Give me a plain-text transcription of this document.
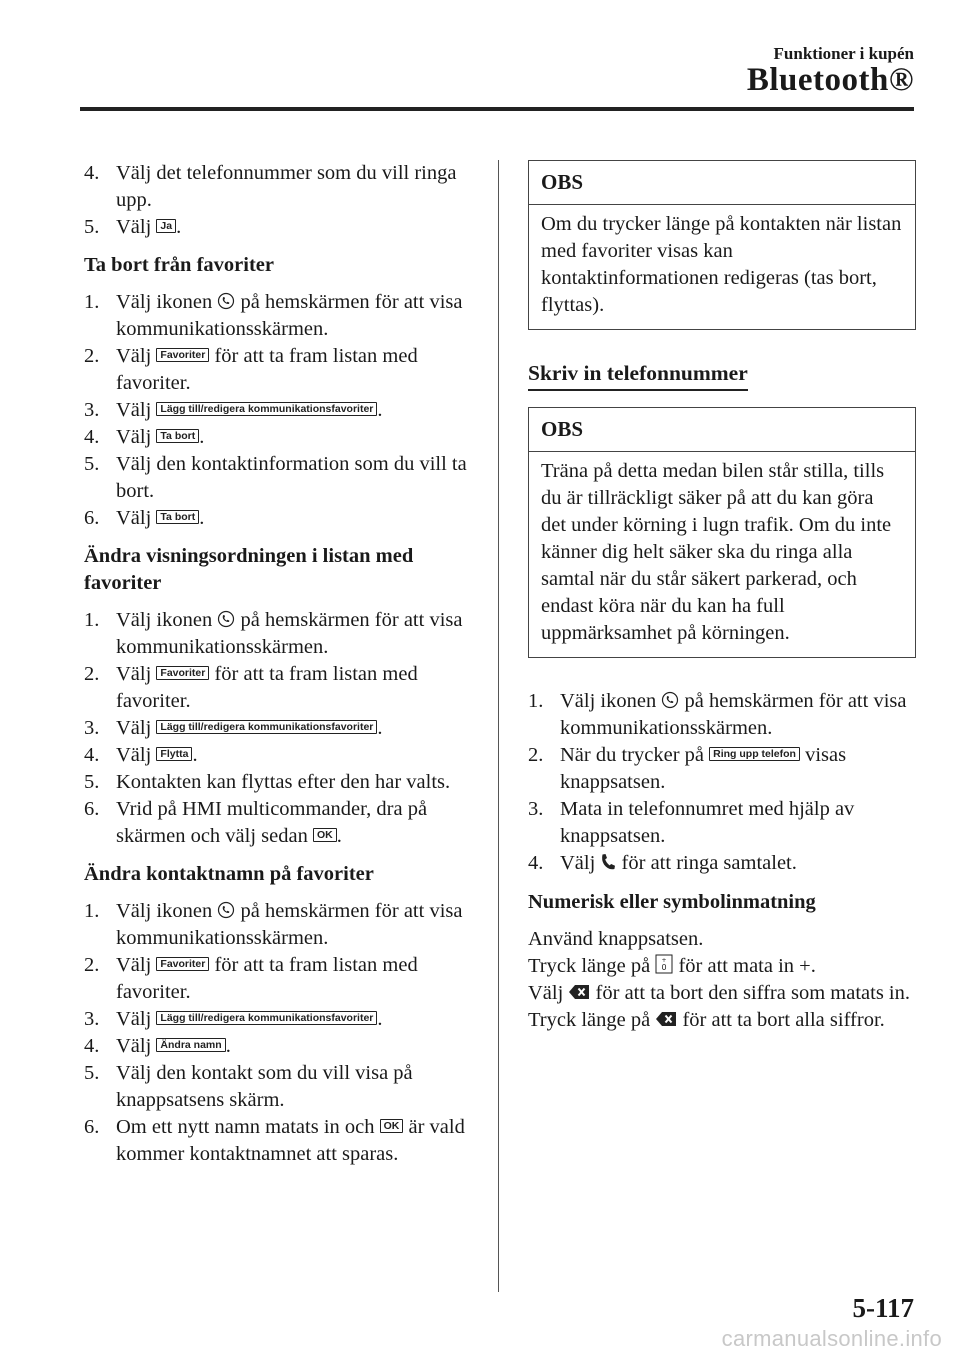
Funktioner i kupén
Bluetooth®
4. Välj det telefonnummer som du vill ringa upp.
5. Välj Ja .
Ta bort från favoriter
1. Välj ikonen på hemskärmen för att visa kommunikationsskärmen.
2. Välj Favoriter för att ta fram listan med favoriter.
3. Välj Lägg till/redigera kommunikationsfavoriter .
4. Välj Ta bort .
5. Välj den kontaktinformation som du vill ta bort.
6. Välj Ta bort .
Ändra visningsordningen i listan med favoriter
1. Välj ikonen på hemskärmen för att visa kommunikationsskärmen.
2. Välj Favoriter för att ta fram listan med favoriter.
3. Välj Lägg till/redigera kommunikationsfavoriter .
4. Välj Flytta .
5. Kontakten kan flyttas efter den har valts.
6. Vrid på HMI multicommander, dra på skärmen och välj sedan OK .
Ändra kontaktnamn på favoriter
1. Välj ikonen på hemskärmen för att visa kommunikationsskärmen.
2. Välj Favoriter för att ta fram listan med favoriter.
3. Välj Lägg till/redigera kommunikationsfavoriter .
4. Välj Ändra namn .
5. Välj den kontakt som du vill visa på knappsatsens skärm.
6. Om ett nytt namn matats in och OK är vald kommer kontaktnamnet att sparas.
OBS
Om du trycker länge på kontakten när listan med favoriter visas kan kontaktinformationen redigeras (tas bort, flyttas).
Skriv in telefonnummer
OBS
Träna på detta medan bilen står stilla, tills du är tillräckligt säker på att du kan göra det under körning i lugn trafik. Om du inte känner dig helt säker ska du ringa alla samtal när du står säkert parkerad, och endast köra när du kan ha full uppmärksamhet på körningen.
1. Välj ikonen på hemskärmen för att visa kommunikationsskärmen.
2. När du trycker på Ring upp telefon visas knappsatsen.
3. Mata in telefonnumret med hjälp av knappsatsen.
4. Välj för att ringa samtalet.
Numerisk eller symbolinmatning
Använd knappsatsen.
Tryck länge på +
0 för att mata in +.
Välj för att ta bort den siffra som matats in.
Tryck länge på för att ta bort alla siffror.
5-117
carmanualsonline.info
